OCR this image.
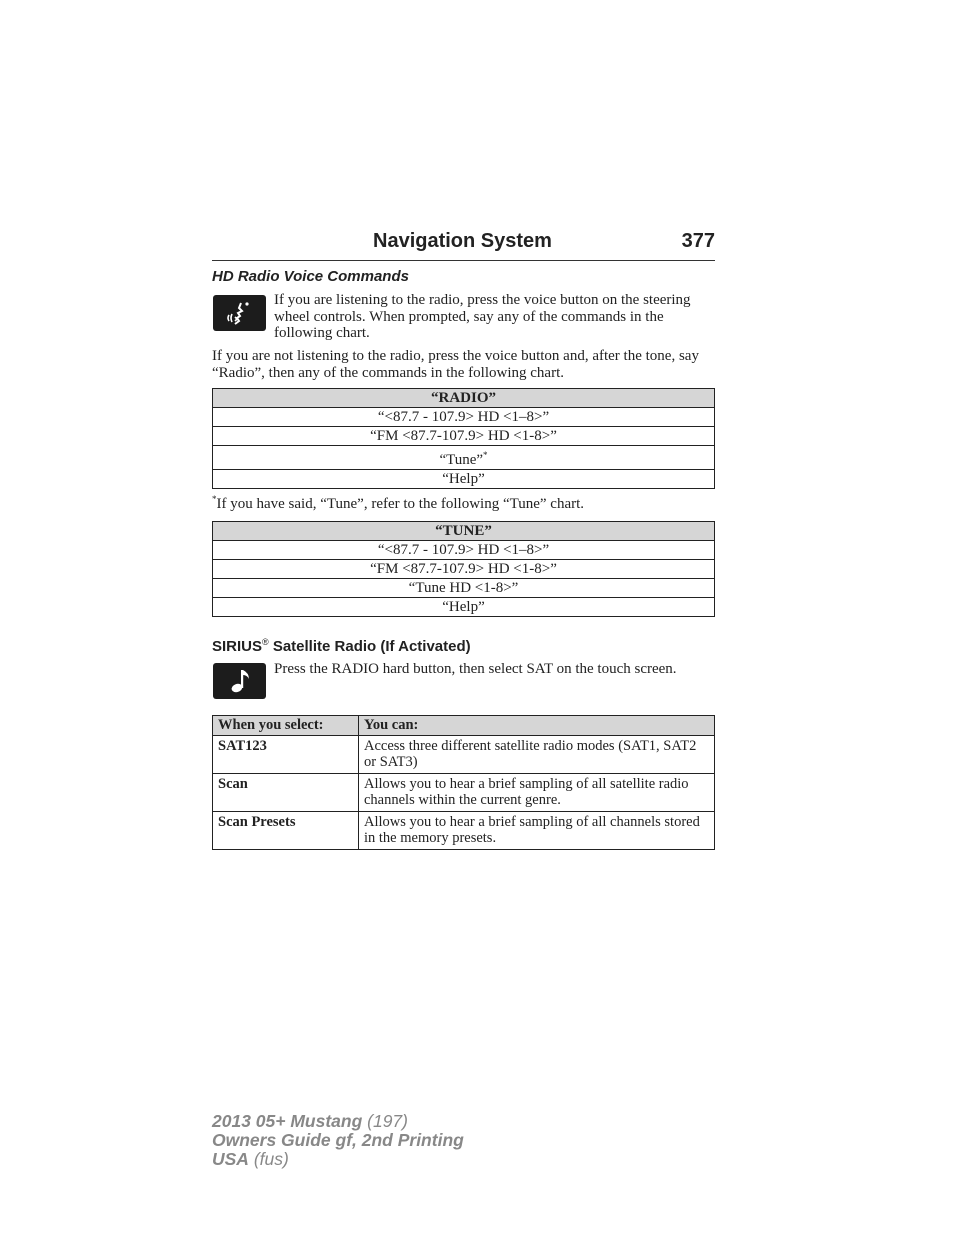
Navigation System	377
HD Radio Voice Commands

If you are listening to the radio, press the voice button on the steering wheel controls. When prompted, say any of the commands in the following chart.

If you are not listening to the radio, press the voice button and, after the tone, say “Radio”, then any of the commands in the following chart.

“RADIO”
“<87.7 - 107.9> HD <1–8>”
“FM <87.7-107.9> HD <1-8>”
“Tune”*
“Help”
*If you have said, “Tune”, refer to the following “Tune” chart.
“TUNE”
“<87.7 - 107.9> HD <1–8>”
“FM <87.7-107.9> HD <1-8>”
“Tune HD <1-8>”
“Help”
SIRIUS® Satellite Radio (If Activated)

Press the RADIO hard button, then select SAT on the touch screen.

When you select:	You can:
SAT123	Access three different satellite radio modes (SAT1, SAT2 or SAT3)
Scan	Allows you to hear a brief sampling of all satellite radio channels within the current genre.
Scan Presets	Allows you to hear a brief sampling of all channels stored in the memory presets.
2013 05+ Mustang (197)
Owners Guide gf, 2nd Printing
USA (fus)
